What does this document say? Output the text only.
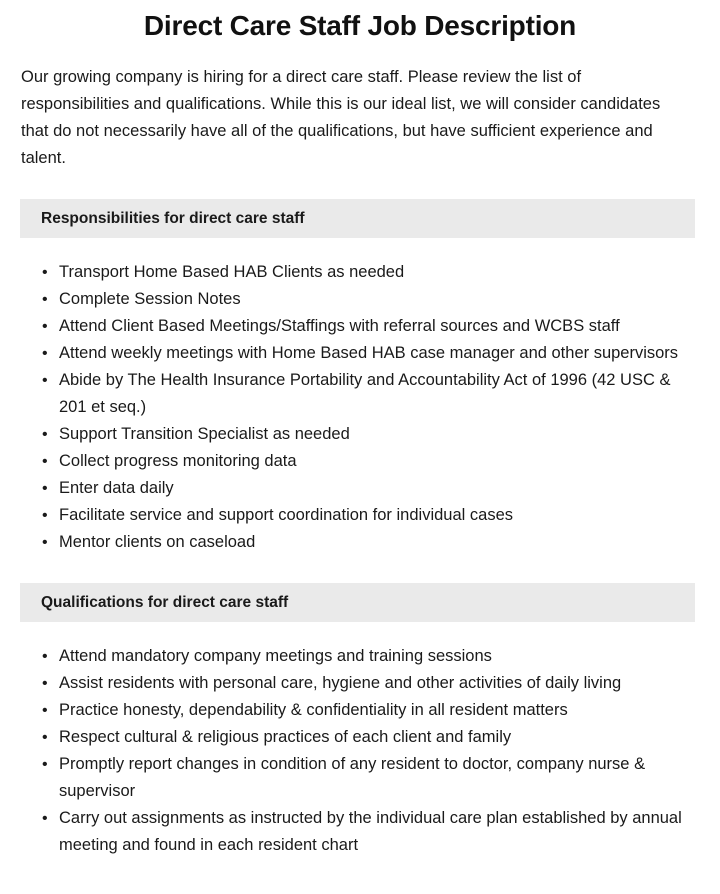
Direct Care Staff Job Description

Our growing company is hiring for a direct care staff. Please review the list of responsibilities and qualifications. While this is our ideal list, we will consider candidates that do not necessarily have all of the qualifications, but have sufficient experience and talent.

Responsibilities for direct care staff
• Transport Home Based HAB Clients as needed
• Complete Session Notes
• Attend Client Based Meetings/Staffings with referral sources and WCBS staff
• Attend weekly meetings with Home Based HAB case manager and other supervisors
• Abide by The Health Insurance Portability and Accountability Act of 1996 (42 USC & 201 et seq.)
• Support Transition Specialist as needed
• Collect progress monitoring data
• Enter data daily
• Facilitate service and support coordination for individual cases
• Mentor clients on caseload
Qualifications for direct care staff
• Attend mandatory company meetings and training sessions
• Assist residents with personal care, hygiene and other activities of daily living
• Practice honesty, dependability & confidentiality in all resident matters
• Respect cultural & religious practices of each client and family
• Promptly report changes in condition of any resident to doctor, company nurse & supervisor
• Carry out assignments as instructed by the individual care plan established by annual meeting and found in each resident chart
